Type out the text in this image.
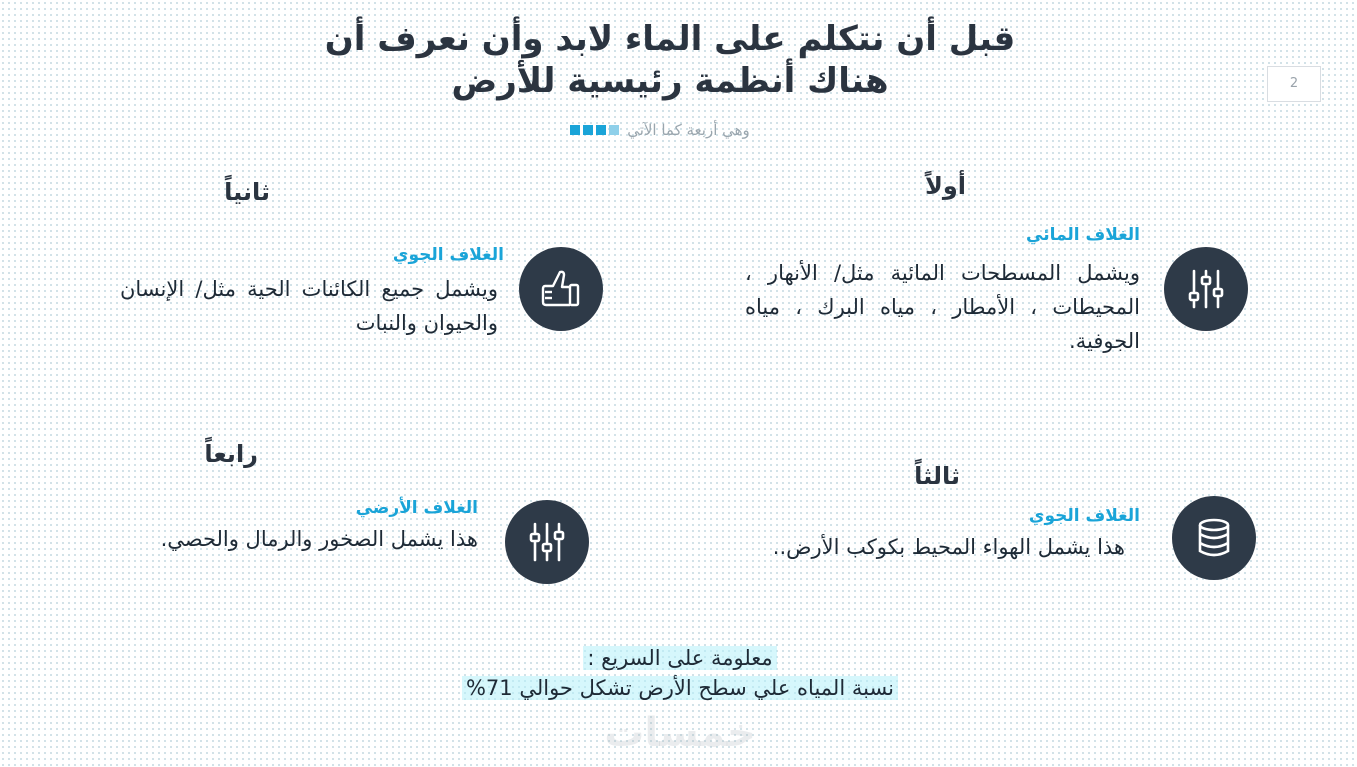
قبل أن نتكلم على الماء لابد وأن نعرف أن هناك أنظمة رئيسية للأرض	2
وهي أربعة كما الآتي
أولاً
الغلاف المائي
ويشمل المسطحات المائية مثل/ الأنهار ، المحيطات ، الأمطار ، مياه البرك ، مياه الجوفية.
ثانياً
الغلاف الجوي
ويشمل جميع الكائنات الحية مثل/ الإنسان والحيوان والنبات
ثالثاً
الغلاف الجوي
هذا يشمل الهواء المحيط بكوكب الأرض..
رابعاً
الغلاف الأرضي
هذا يشمل الصخور والرمال والحصي.
معلومة على السريع :
نسبة المياه علي سطح الأرض تشكل حوالي 71%
خمسات
